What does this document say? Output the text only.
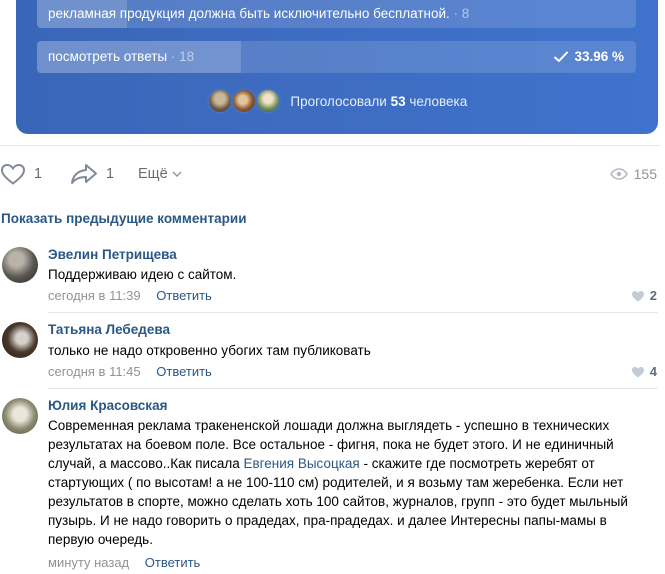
рекламная продукция должна быть исключительно бесплатной. · 8
посмотреть ответы · 18	33.96 %
Проголосовали 53 человека
1	1 Ещё	155
Показать предыдущие комментарии
Эвелин Петрищева
Поддерживаю идею с сайтом.
сегодня в 11:39 Ответить	2
Татьяна Лебедева
только не надо откровенно убогих там публиковать
сегодня в 11:45 Ответить	4
Юлия Красовская
Современная реклама тракененской лошади должна выглядеть - успешно в технических результатах на боевом поле. Все остальное - фигня, пока не будет этого. И не единичный случай, а массово..Как писала Евгения Высоцкая - скажите где посмотреть жеребят от стартующих ( по высотам! а не 100-110 см) родителей, и я возьму там жеребенка. Если нет результатов в спорте, можно сделать хоть 100 сайтов, журналов, групп - это будет мыльный пузырь. И не надо говорить о прадедах, пра-прадедах. и далее Интересны папы-мамы в первую очередь.
минуту назад Ответить
